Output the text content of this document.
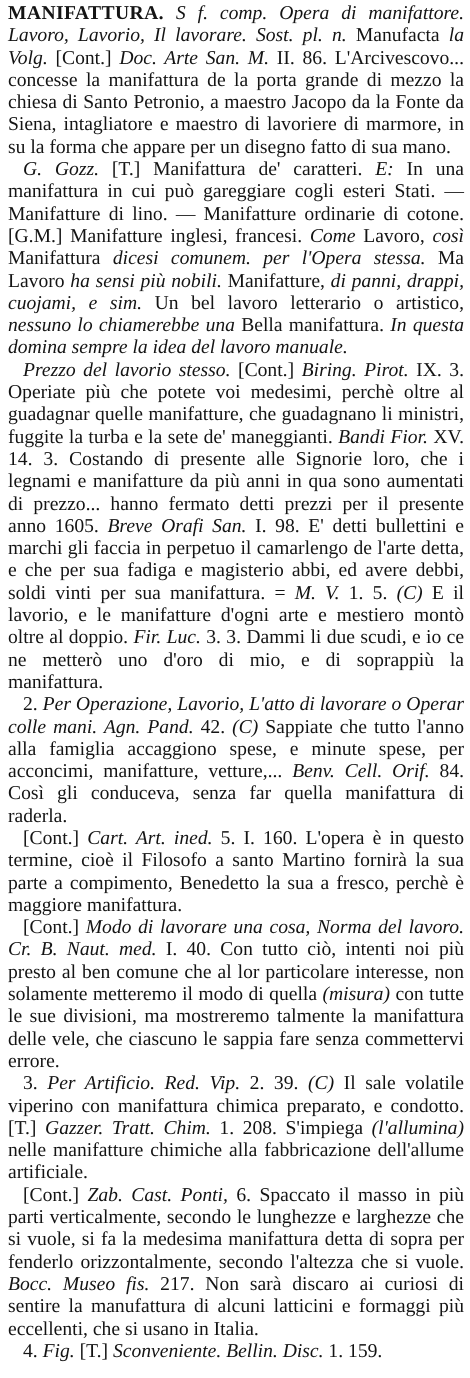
MANIFATTURA. S f. comp. Opera di manifattore. Lavoro, Lavorio, Il lavorare. Sost. pl. n. Manufacta la Volg. [Cont.] Doc. Arte San. M. II. 86. L'Arcivescovo... concesse la manifattura de la porta grande di mezzo la chiesa di Santo Petronio, a maestro Jacopo da la Fonte da Siena, intagliatore e maestro di lavoriere di marmore, in su la forma che appare per un disegno fatto di sua mano.

G. Gozz. [T.] Manifattura de' caratteri. E: In una manifattura in cui può gareggiare cogli esteri Stati. — Manifatture di lino. — Manifatture ordinarie di cotone. [G.M.] Manifatture inglesi, francesi. Come Lavoro, così Manifattura dicesi comunem. per l'Opera stessa. Ma Lavoro ha sensi più nobili. Manifatture, di panni, drappi, cuojami, e sim. Un bel lavoro letterario o artistico, nessuno lo chiamerebbe una Bella manifattura. In questa domina sempre la idea del lavoro manuale.

Prezzo del lavorio stesso. [Cont.] Biring. Pirot. IX. 3. Operiate più che potete voi medesimi, perchè oltre al guadagnar quelle manifatture, che guadagnano li ministri, fuggite la turba e la sete de' maneggianti. Bandi Fior. XV. 14. 3. Costando di presente alle Signorie loro, che i legnami e manifatture da più anni in qua sono aumentati di prezzo... hanno fermato detti prezzi per il presente anno 1605. Breve Orafi San. I. 98. E' detti bullettini e marchi gli faccia in perpetuo il camarlengo de l'arte detta, e che per sua fadiga e magisterio abbi, ed avere debbi, soldi vinti per sua manifattura. = M. V. 1. 5. (C) E il lavorio, e le manifatture d'ogni arte e mestiero montò oltre al doppio. Fir. Luc. 3. 3. Dammi li due scudi, e io ce ne metterò uno d'oro di mio, e di soprappiù la manifattura.

2. Per Operazione, Lavorio, L'atto di lavorare o Operar colle mani. Agn. Pand. 42. (C) Sappiate che tutto l'anno alla famiglia accaggiono spese, e minute spese, per acconcimi, manifatture, vetture,... Benv. Cell. Orif. 84. Così gli conduceva, senza far quella manifattura di raderla.

[Cont.] Cart. Art. ined. 5. I. 160. L'opera è in questo termine, cioè il Filosofo a santo Martino fornirà la sua parte a compimento, Benedetto la sua a fresco, perchè è maggiore manifattura.

[Cont.] Modo di lavorare una cosa, Norma del lavoro. Cr. B. Naut. med. I. 40. Con tutto ciò, intenti noi più presto al ben comune che al lor particolare interesse, non solamente metteremo il modo di quella (misura) con tutte le sue divisioni, ma mostreremo talmente la manifattura delle vele, che ciascuno le sappia fare senza commettervi errore.

3. Per Artificio. Red. Vip. 2. 39. (C) Il sale volatile viperino con manifattura chimica preparato, e condotto. [T.] Gazzer. Tratt. Chim. 1. 208. S'impiega (l'allumina) nelle manifatture chimiche alla fabbricazione dell'allume artificiale.

[Cont.] Zab. Cast. Ponti, 6. Spaccato il masso in più parti verticalmente, secondo le lunghezze e larghezze che si vuole, si fa la medesima manifattura detta di sopra per fenderlo orizzontalmente, secondo l'altezza che si vuole. Bocc. Museo fis. 217. Non sarà discaro ai curiosi di sentire la manufattura di alcuni latticini e formaggi più eccellenti, che si usano in Italia.

4. Fig. [T.] Sconveniente. Bellin. Disc. 1. 159.
